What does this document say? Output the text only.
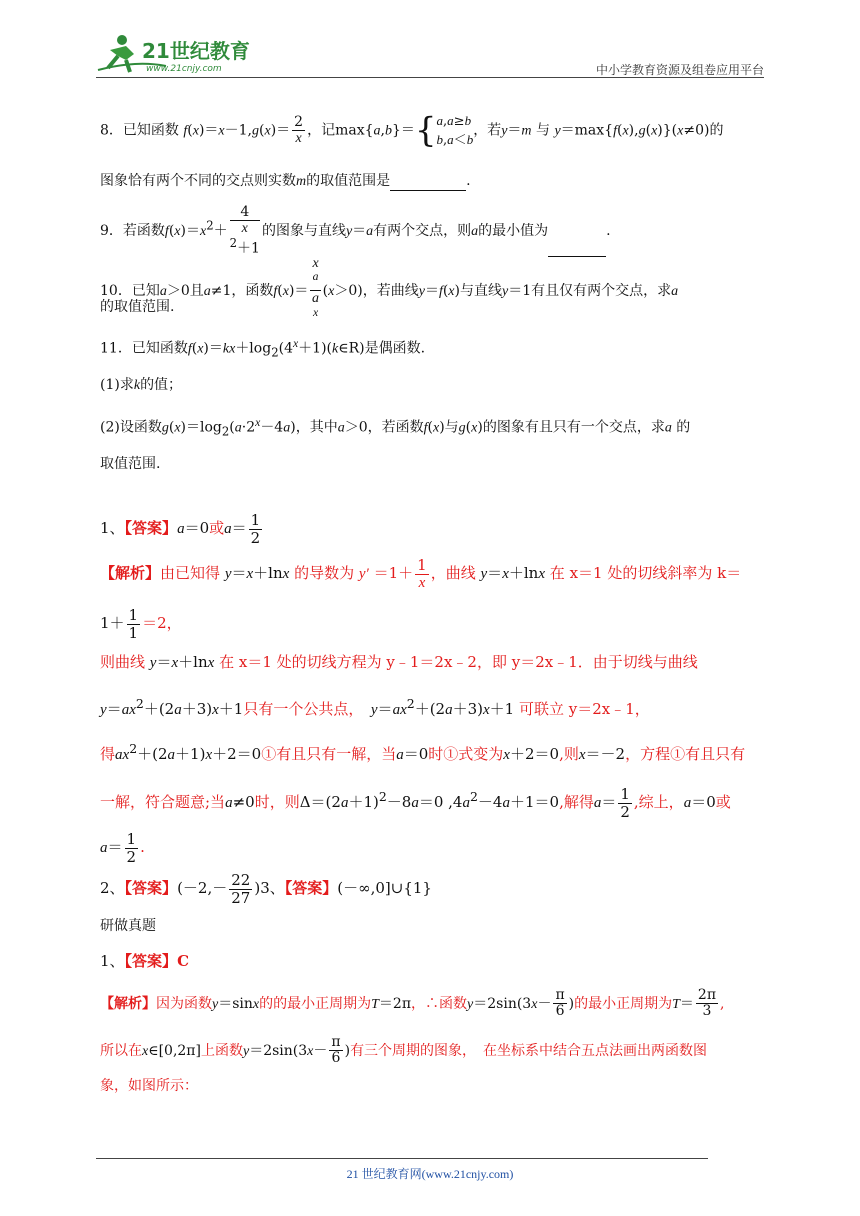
21世纪教育
www.21cnjy.com	中小学教育资源及组卷应用平台
8．已知函数 $f(x)=x-1,g(x)= \frac{2}{x}$ ，记max{a,b}＝{a,a≥b
b,a＜b，若y＝m 与 y＝max{f(x),g(x)}(x≠0)的
图象恰有两个不同的交点则实数m的取值范围是	.
9．若函数$f(x)=x^2+ 4$
x
$^2$＋1 的图象与直线y＝a有两个交点，则a的最小值为	.
10．已知a＞0且a≠1，函数f(x)＝ x
$^a$
a
$^x$ (x＞0)，若曲线y＝f(x)与直线y＝1有且仅有两个交点，求a
的取值范围.
11．已知函数$f(x)=kx+\log_2(4^x+1)(k\in R)$是偶函数.
(1)求k的值；
(2)设函数$g(x)=\log_2(a\cdot 2^x-4a)$，其中a＞0，若函数f(x)与g(x)的图象有且只有一个交点，求a 的
取值范围.
1、【答案】a＝0或$a= \frac{1}{2}$
【解析】由已知得 y＝x＋lnx 的导数为 $y' =1+ \frac{1}{x}$ ，曲线 y＝x＋lnx 在 x＝1 处的切线斜率为 k＝
$1+ \frac{1}{1} =2$，
则曲线 y＝x＋lnx 在 x＝1 处的切线方程为 y﹣1＝2x﹣2，即 y＝2x﹣1．由于切线与曲线
$y=ax^2+(2a+3)x+1$只有一个公共点，　 $y=ax^2+(2a+3)x+1$ 可联立 y＝2x﹣1，
得$ax^2+(2a+1)x+2=0①$有且只有一解，当a＝0时①式变为x＋2＝0,则x＝－2，方程①有且只有
一解，符合题意;当a≠0时，则$\Delta=(2a+1)^2-8a=0$ $,4a^2-4a+1=0$,解得$a= \frac{1}{2}$ ,综上，a＝0或
$a= \frac{1}{2}$ .
2、【答案】$(-2,- \frac{22}{27} )3$、【答案】(－∞,0]∪{1}
研做真题
1、【答案】C
【解析】因为函数y＝sinx的的最小正周期为T＝2π，∴函数$y=2\sin(3x- \frac{\pi}{6}$ )的最小正周期为$T= \frac{2\pi}{3}$ ,
所以在x∈[0,2π]上函数$y=2\sin(3x- \frac{\pi}{6}$ )有三个周期的图象，　在坐标系中结合五点法画出两函数图
象，如图所示：
21 世纪教育网(www.21cnjy.com)
